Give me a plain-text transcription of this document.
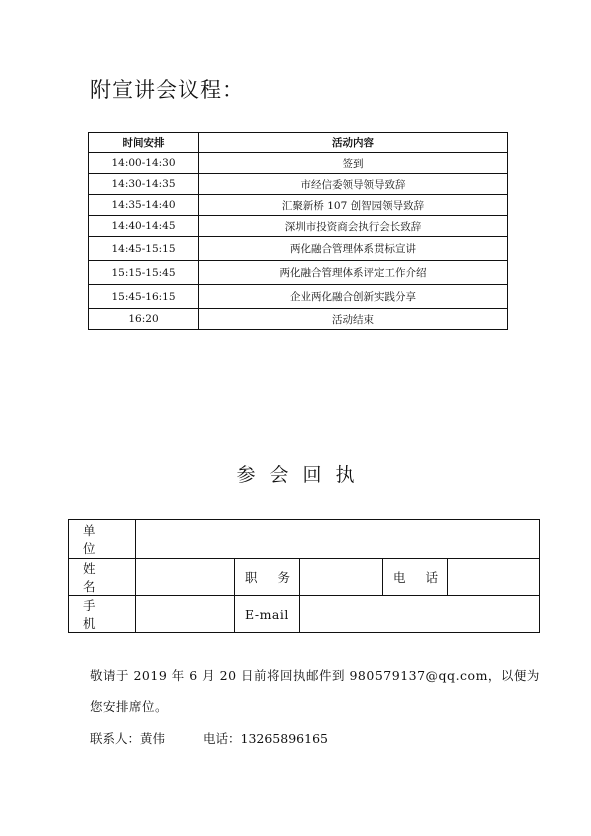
附宣讲会议程：
时间安排	活动内容
14:00-14:30	签到
14:30-14:35	市经信委领导领导致辞
14:35-14:40	汇聚新桥 107 创智园领导致辞
14:40-14:45	深圳市投资商会执行会长致辞
14:45-15:15	两化融合管理体系贯标宣讲
15:15-15:45	两化融合管理体系评定工作介绍
15:45-16:15	企业两化融合创新实践分享
16:20	活动结束
参会回执
单 位					
姓 名		职 务		电 话	
手 机		E-mail			
敬请于 2019 年 6 月 20 日前将回执邮件到 980579137@qq.com，以便为
您安排席位。
联系人：黄伟	电话：13265896165
